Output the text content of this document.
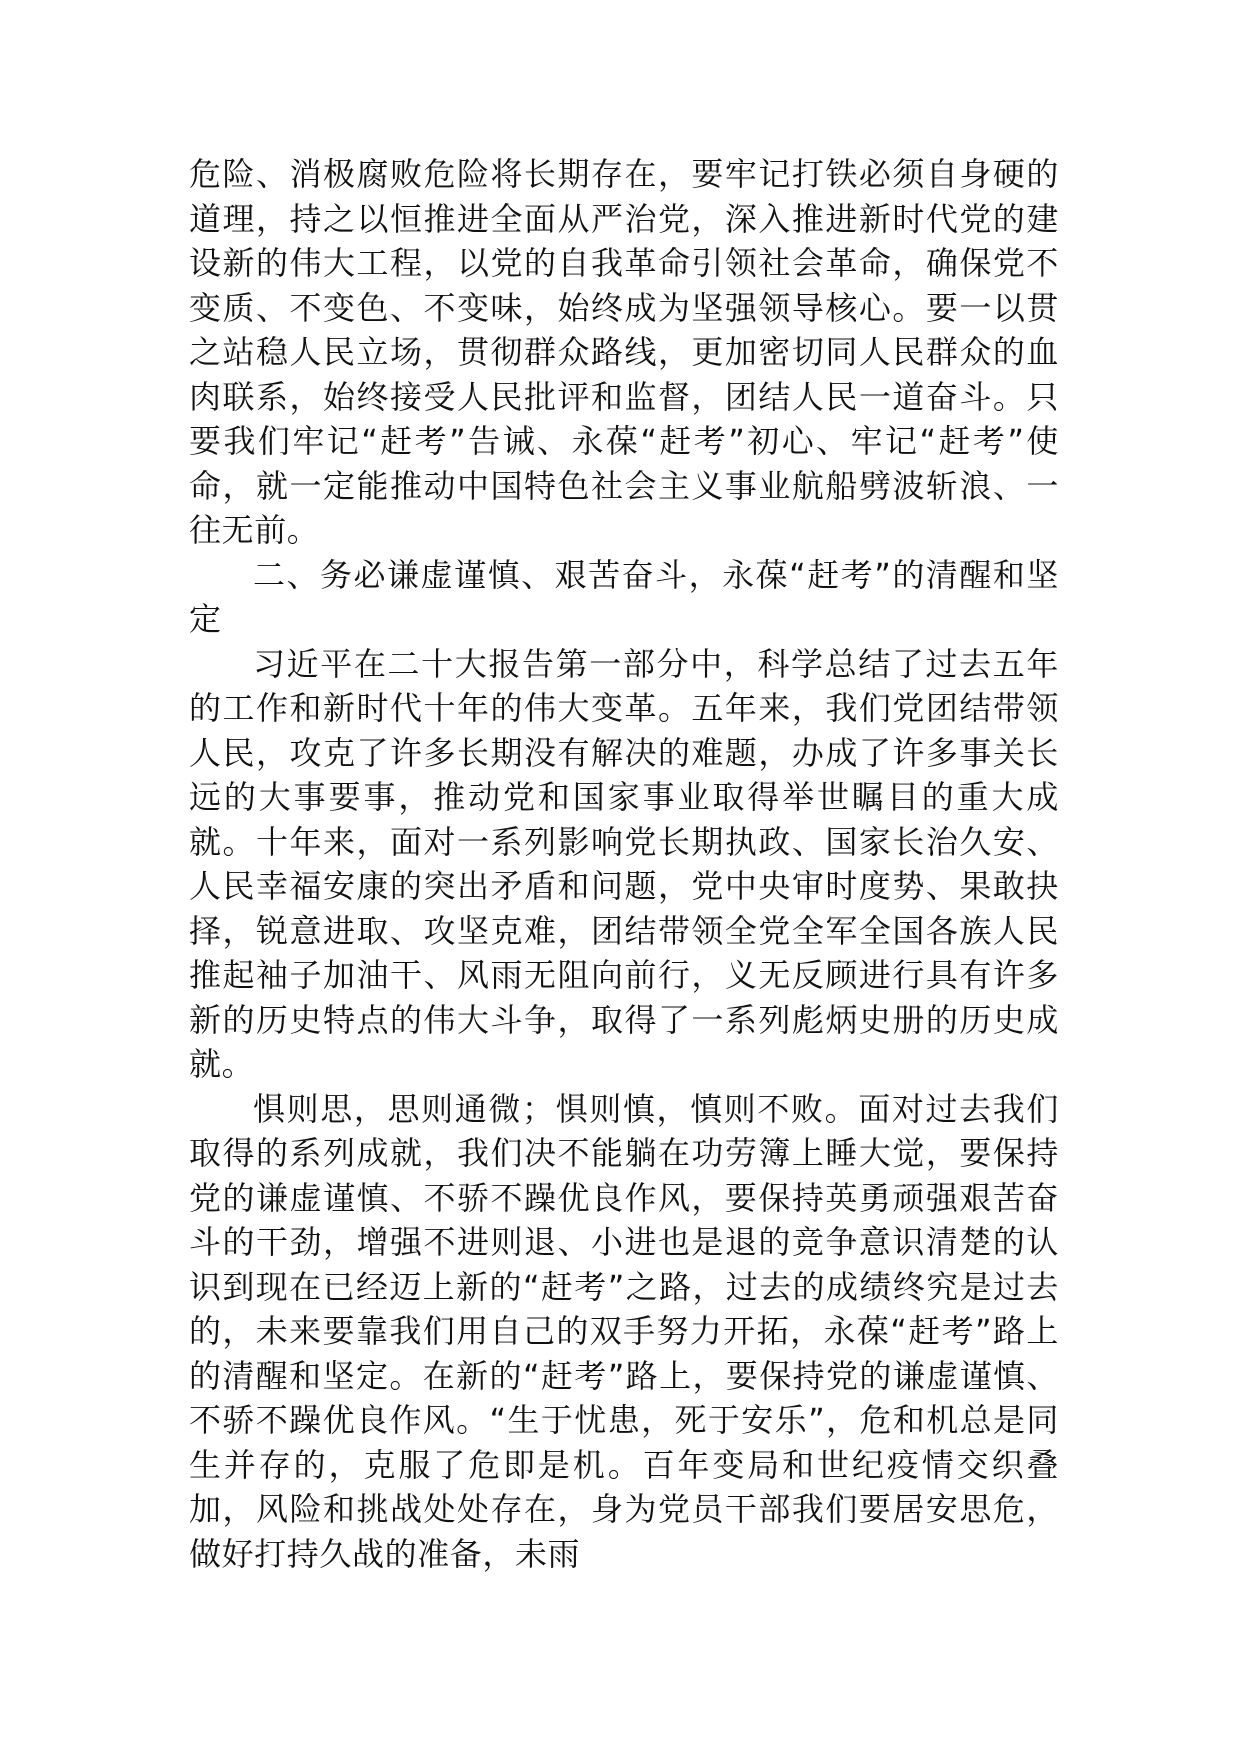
危险、消极腐败危险将长期存在，要牢记打铁必须自身硬的道理，持之以恒推进全面从严治党，深入推进新时代党的建设新的伟大工程，以党的自我革命引领社会革命，确保党不变质、不变色、不变味，始终成为坚强领导核心。要一以贯之站稳人民立场，贯彻群众路线，更加密切同人民群众的血肉联系，始终接受人民批评和监督，团结人民一道奋斗。只要我们牢记“赶考”告诫、永葆“赶考”初心、牢记“赶考”使命，就一定能推动中国特色社会主义事业航船劈波斩浪、一往无前。

二、务必谦虚谨慎、艰苦奋斗，永葆“赶考”的清醒和坚定

习近平在二十大报告第一部分中，科学总结了过去五年的工作和新时代十年的伟大变革。五年来，我们党团结带领人民，攻克了许多长期没有解决的难题，办成了许多事关长远的大事要事，推动党和国家事业取得举世瞩目的重大成就。十年来，面对一系列影响党长期执政、国家长治久安、人民幸福安康的突出矛盾和问题，党中央审时度势、果敢抉择，锐意进取、攻坚克难，团结带领全党全军全国各族人民推起袖子加油干、风雨无阻向前行，义无反顾进行具有许多新的历史特点的伟大斗争，取得了一系列彪炳史册的历史成就。

惧则思，思则通微；惧则慎，慎则不败。面对过去我们取得的系列成就，我们决不能躺在功劳簿上睡大觉，要保持党的谦虚谨慎、不骄不躁优良作风，要保持英勇顽强艰苦奋斗的干劲，增强不进则退、小进也是退的竞争意识清楚的认识到现在已经迈上新的“赶考”之路，过去的成绩终究是过去的，未来要靠我们用自己的双手努力开拓，永葆“赶考”路上的清醒和坚定。在新的“赶考”路上，要保持党的谦虚谨慎、不骄不躁优良作风。“生于忧患，死于安乐”，危和机总是同生并存的，克服了危即是机。百年变局和世纪疫情交织叠加，风险和挑战处处存在，身为党员干部我们要居安思危，做好打持久战的准备，未雨
